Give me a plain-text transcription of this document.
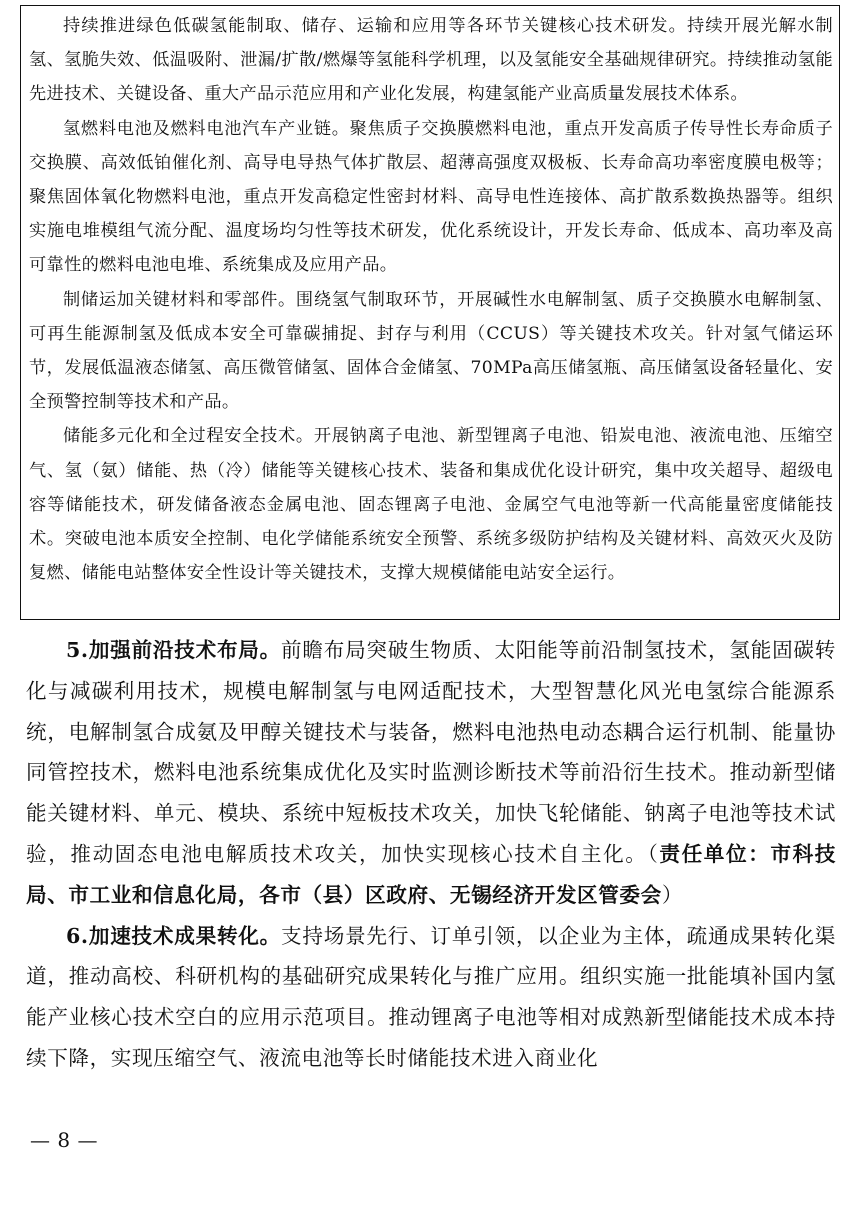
持续推进绿色低碳氢能制取、储存、运输和应用等各环节关键核心技术研发。持续开展光解水制氢、氢脆失效、低温吸附、泄漏/扩散/燃爆等氢能科学机理，以及氢能安全基础规律研究。持续推动氢能先进技术、关键设备、重大产品示范应用和产业化发展，构建氢能产业高质量发展技术体系。

氢燃料电池及燃料电池汽车产业链。聚焦质子交换膜燃料电池，重点开发高质子传导性长寿命质子交换膜、高效低铂催化剂、高导电导热气体扩散层、超薄高强度双极板、长寿命高功率密度膜电极等；聚焦固体氧化物燃料电池，重点开发高稳定性密封材料、高导电性连接体、高扩散系数换热器等。组织实施电堆模组气流分配、温度场均匀性等技术研发，优化系统设计，开发长寿命、低成本、高功率及高可靠性的燃料电池电堆、系统集成及应用产品。

制储运加关键材料和零部件。围绕氢气制取环节，开展碱性水电解制氢、质子交换膜水电解制氢、可再生能源制氢及低成本安全可靠碳捕捉、封存与利用（CCUS）等关键技术攻关。针对氢气储运环节，发展低温液态储氢、高压微管储氢、固体合金储氢、70MPa高压储氢瓶、高压储氢设备轻量化、安全预警控制等技术和产品。

储能多元化和全过程安全技术。开展钠离子电池、新型锂离子电池、铅炭电池、液流电池、压缩空气、氢（氨）储能、热（冷）储能等关键核心技术、装备和集成优化设计研究，集中攻关超导、超级电容等储能技术，研发储备液态金属电池、固态锂离子电池、金属空气电池等新一代高能量密度储能技术。突破电池本质安全控制、电化学储能系统安全预警、系统多级防护结构及关键材料、高效灭火及防复燃、储能电站整体安全性设计等关键技术，支撑大规模储能电站安全运行。

5.加强前沿技术布局。前瞻布局突破生物质、太阳能等前沿制氢技术，氢能固碳转化与减碳利用技术，规模电解制氢与电网适配技术，大型智慧化风光电氢综合能源系统，电解制氢合成氨及甲醇关键技术与装备，燃料电池热电动态耦合运行机制、能量协同管控技术，燃料电池系统集成优化及实时监测诊断技术等前沿衍生技术。推动新型储能关键材料、单元、模块、系统中短板技术攻关，加快飞轮储能、钠离子电池等技术试验，推动固态电池电解质技术攻关，加快实现核心技术自主化。（责任单位：市科技局、市工业和信息化局，各市（县）区政府、无锡经济开发区管委会）

6.加速技术成果转化。支持场景先行、订单引领，以企业为主体，疏通成果转化渠道，推动高校、科研机构的基础研究成果转化与推广应用。组织实施一批能填补国内氢能产业核心技术空白的应用示范项目。推动锂离子电池等相对成熟新型储能技术成本持续下降，实现压缩空气、液流电池等长时储能技术进入商业化

— 8 —
